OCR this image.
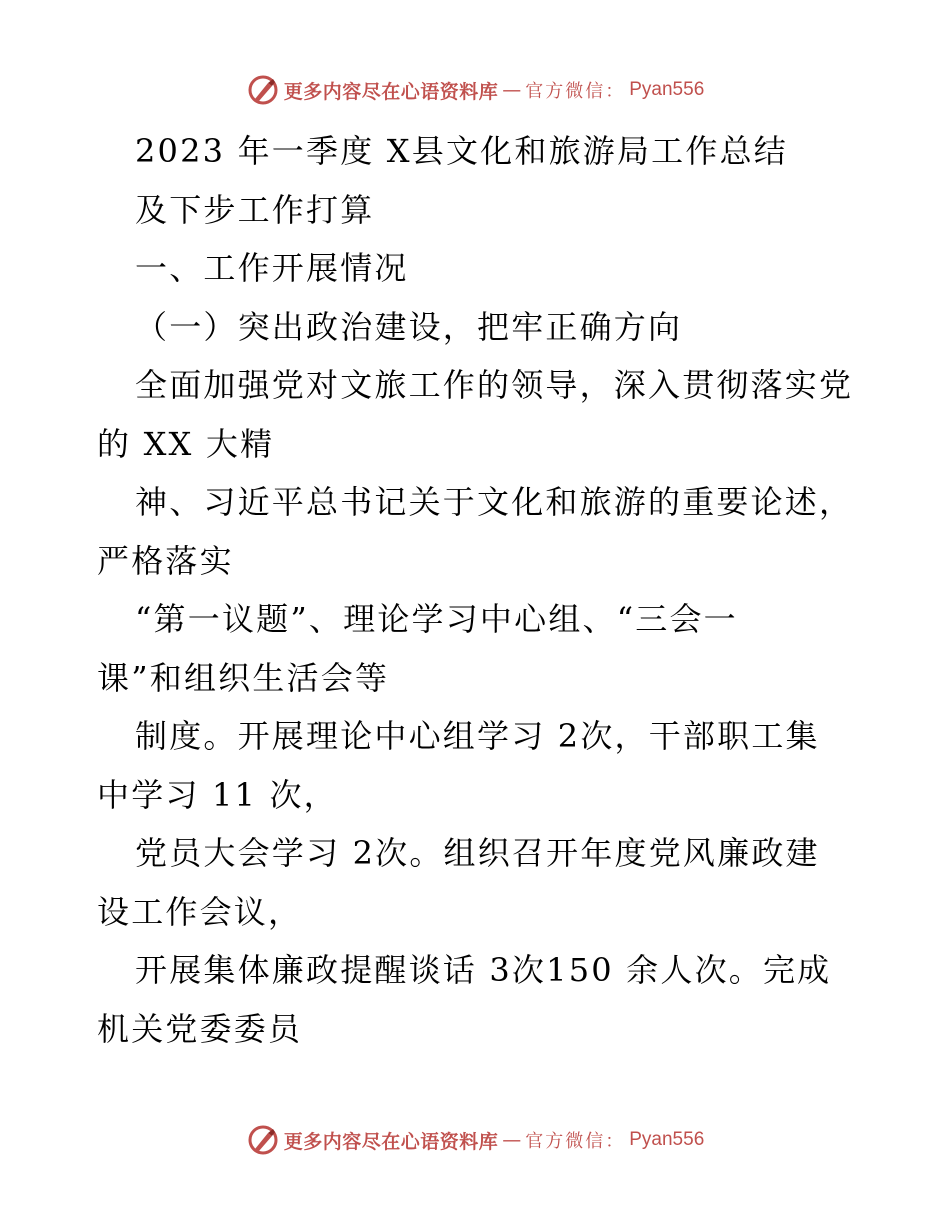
更多内容尽在心语资料库 — 官方微信： Pyan556
2023 年一季度 X县文化和旅游局工作总结
及下步工作打算
一、工作开展情况
（一）突出政治建设，把牢正确方向
全面加强党对文旅工作的领导，深入贯彻落实党
的 XX 大精
神、习近平总书记关于文化和旅游的重要论述，
严格落实
“第一议题”、理论学习中心组、“三会一
课”和组织生活会等
制度。开展理论中心组学习 2次，干部职工集
中学习 11 次，
党员大会学习 2次。组织召开年度党风廉政建
设工作会议，
开展集体廉政提醒谈话 3次150 余人次。完成
机关党委委员
更多内容尽在心语资料库 — 官方微信： Pyan556
